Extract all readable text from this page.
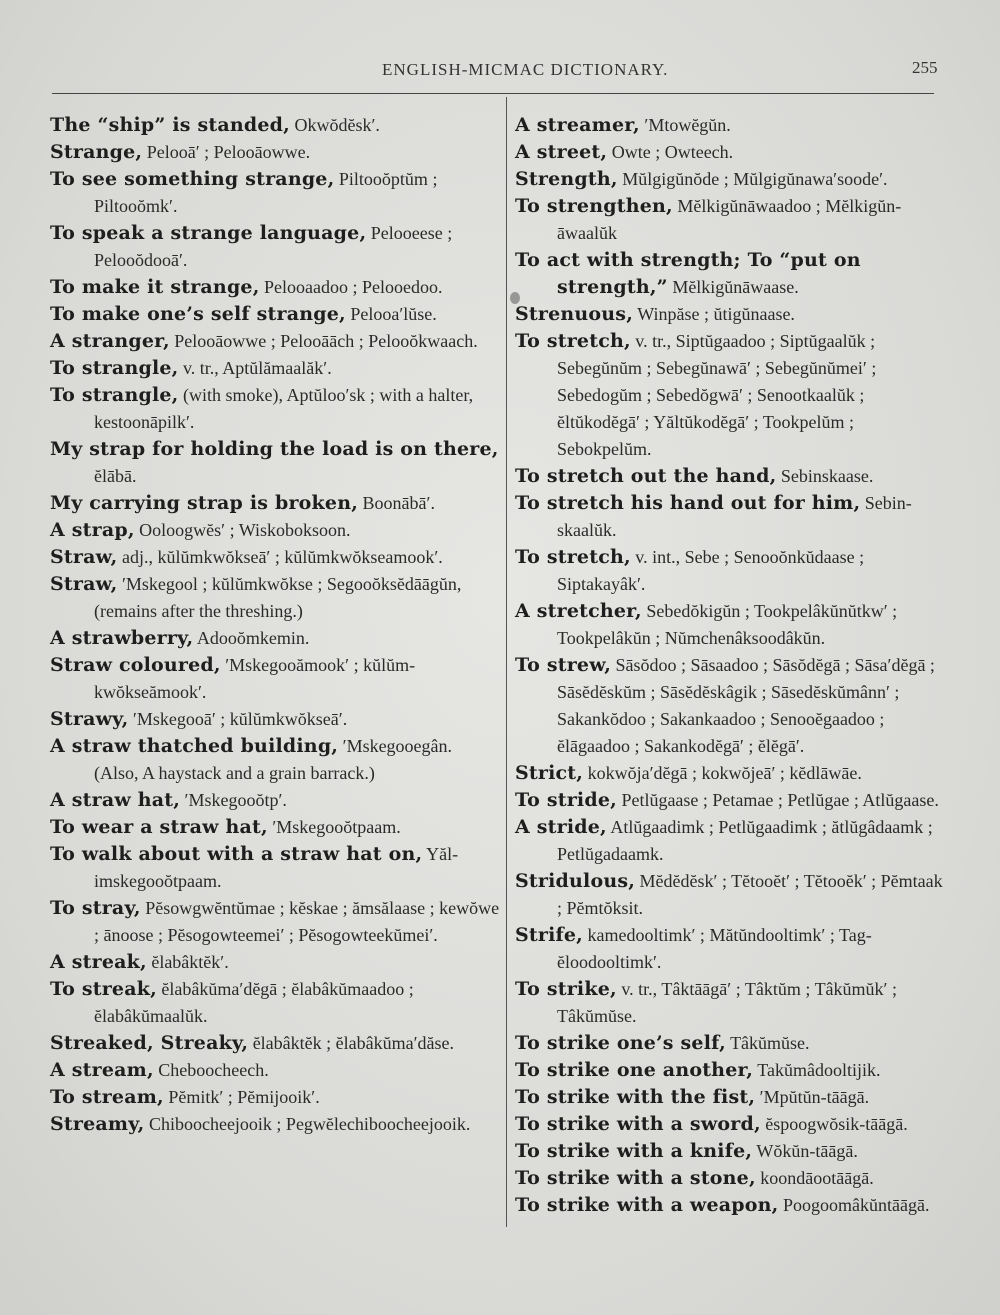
ENGLISH-MICMAC DICTIONARY.	255

The “ship” is standed, Okwŏdĕsk′.

Strange, Pelooā′ ; Pelooāowwe.

To see something strange, Piltooŏptŭm ; Piltooŏmk′.

To speak a strange language, Pelooeese ; Pelooŏdooā′.

To make it strange, Pelooaadoo ; Pelooedoo.

To make one’s self strange, Pelooa′lŭse.

A stranger, Pelooāowwe ; Pelooāāch ; Pelooŏkwaach.

To strangle, v. tr., Aptŭlămaalăk′.

To strangle, (with smoke), Aptŭloo′sk ; with a halter, kestoonāpilk′.

My strap for holding the load is on there, ĕlābā.

My carrying strap is broken, Boonābā′.

A strap, Ooloogwĕs′ ; Wiskoboksoon.

Straw, adj., kŭlŭmkwŏkseā′ ; kŭlŭmkwŏkseamook′.

Straw, ′Mskegool ; kŭlŭmkwŏkse ; Segooŏksĕdāāgŭn, (remains after the threshing.)

A strawberry, Adooŏmkemin.

Straw coloured, ′Mskegooămook′ ; kŭlŭmkwŏkseămook′.

Strawy, ′Mskegooā′ ; kŭlŭmkwŏkseā′.

A straw thatched building, ′Mskegooegân. (Also, A haystack and a grain barrack.)

A straw hat, ′Mskegooŏtp′.

To wear a straw hat, ′Mskegooŏtpaam.

To walk about with a straw hat on, Yălimskegooŏtpaam.

To stray, Pĕsowgwĕntŭmae ; kĕskae ; ămsălaase ; kewŏwe ; ānoose ; Pĕsogowteemei′ ; Pĕsogowteekŭmei′.

A streak, ĕlabâktĕk′.

To streak, ĕlabâkŭma′dĕgā ; ĕlabâkŭmaadoo ; ĕlabâkŭmaalŭk.

Streaked, Streaky, ĕlabâktĕk ; ĕlabâkŭma′dăse.

A stream, Cheboocheech.

To stream, Pĕmitk′ ; Pĕmijooik′.

Streamy, Chiboocheejooik ; Pegwĕlechiboocheejooik.

A streamer, ′Mtowĕgŭn.

A street, Owte ; Owteech.

Strength, Mŭlgigŭnŏde ; Mŭlgigŭnawa′soode′.

To strengthen, Mĕlkigŭnāwaadoo ; Mĕlkigŭnāwaalŭk

To act with strength; To “put on strength,” Mĕlkigŭnāwaase.

Strenuous, Winpăse ; ŭtigŭnaase.

To stretch, v. tr., Siptŭgaadoo ; Siptŭgaalŭk ; Sebegŭnŭm ; Sebegŭnawā′ ; Sebegŭnŭmei′ ; Sebedogŭm ; Sebedŏgwā′ ; Senootkaalŭk ; ĕltŭkodĕgā′ ; Yăltŭkodĕgā′ ; Tookpelŭm ; Sebokpelŭm.

To stretch out the hand, Sebinskaase.

To stretch his hand out for him, Sebinskaalŭk.

To stretch, v. int., Sebe ; Senooŏnkŭdaase ; Siptakayâk′.

A stretcher, Sebedŏkigŭn ; Tookpelâkŭnŭtkw′ ; Tookpelâkŭn ; Nŭmchenâksoodâkŭn.

To strew, Sāsŏdoo ; Sāsaadoo ; Sāsŏdĕgā ; Sāsa′dĕgā ; Sāsĕdĕskŭm ; Sāsĕdĕskâgik ; Sāsedĕskŭmânn′ ; Sakankŏdoo ; Sakankaadoo ; Senooĕgaadoo ; ĕlāgaadoo ; Sakankodĕgā′ ; ĕlĕgā′.

Strict, kokwŏja′dĕgā ; kokwŏjeā′ ; kĕdlāwāe.

To stride, Petlŭgaase ; Petamae ; Petlŭgae ; Atlŭgaase.

A stride, Atlŭgaadimk ; Petlŭgaadimk ; ătlŭgâdaamk ; Petlŭgadaamk.

Stridulous, Mĕdĕdĕsk′ ; Tĕtooĕt′ ; Tĕtooĕk′ ; Pĕmtaak ; Pĕmtŏksit.

Strife, kamedooltimk′ ; Mătŭndooltimk′ ; Tagĕloodooltimk′.

To strike, v. tr., Tâktāāgā′ ; Tâktŭm ; Tâkŭmŭk′ ; Tâkŭmŭse.

To strike one’s self, Tâkŭmŭse.

To strike one another, Takŭmâdooltijik.

To strike with the fist, ′Mpŭtŭn-tāāgā.

To strike with a sword, ĕspoogwŏsik-tāāgā.

To strike with a knife, Wŏkŭn-tāāgā.

To strike with a stone, koondāootāāgā.

To strike with a weapon, Poogoomâkŭntāāgā.
